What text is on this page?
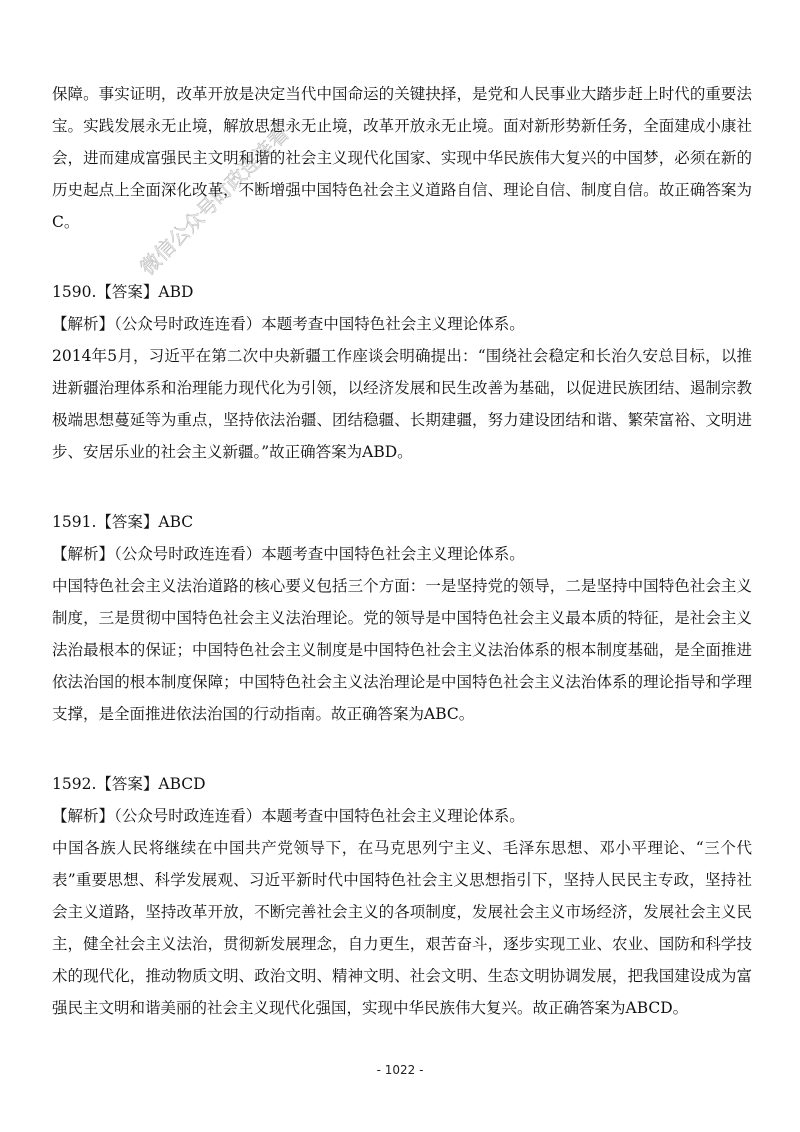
微信公众号时政连连看

保障。事实证明，改革开放是决定当代中国命运的关键抉择，是党和人民事业大踏步赶上时代的重要法宝。实践发展永无止境，解放思想永无止境，改革开放永无止境。面对新形势新任务，全面建成小康社会，进而建成富强民主文明和谐的社会主义现代化国家、实现中华民族伟大复兴的中国梦，必须在新的历史起点上全面深化改革，不断增强中国特色社会主义道路自信、理论自信、制度自信。故正确答案为C。

1590.【答案】ABD

【解析】（公众号时政连连看）本题考查中国特色社会主义理论体系。

2014年5月，习近平在第二次中央新疆工作座谈会明确提出：“围绕社会稳定和长治久安总目标，以推进新疆治理体系和治理能力现代化为引领，以经济发展和民生改善为基础，以促进民族团结、遏制宗教极端思想蔓延等为重点，坚持依法治疆、团结稳疆、长期建疆，努力建设团结和谐、繁荣富裕、文明进步、安居乐业的社会主义新疆。”故正确答案为ABD。

1591.【答案】ABC

【解析】（公众号时政连连看）本题考查中国特色社会主义理论体系。

中国特色社会主义法治道路的核心要义包括三个方面：一是坚持党的领导，二是坚持中国特色社会主义制度，三是贯彻中国特色社会主义法治理论。党的领导是中国特色社会主义最本质的特征，是社会主义法治最根本的保证；中国特色社会主义制度是中国特色社会主义法治体系的根本制度基础，是全面推进依法治国的根本制度保障；中国特色社会主义法治理论是中国特色社会主义法治体系的理论指导和学理支撑，是全面推进依法治国的行动指南。故正确答案为ABC。

1592.【答案】ABCD

【解析】（公众号时政连连看）本题考查中国特色社会主义理论体系。

中国各族人民将继续在中国共产党领导下，在马克思列宁主义、毛泽东思想、邓小平理论、“三个代表”重要思想、科学发展观、习近平新时代中国特色社会主义思想指引下，坚持人民民主专政，坚持社会主义道路，坚持改革开放，不断完善社会主义的各项制度，发展社会主义市场经济，发展社会主义民主，健全社会主义法治，贯彻新发展理念，自力更生，艰苦奋斗，逐步实现工业、农业、国防和科学技术的现代化，推动物质文明、政治文明、精神文明、社会文明、生态文明协调发展，把我国建设成为富强民主文明和谐美丽的社会主义现代化强国，实现中华民族伟大复兴。故正确答案为ABCD。

- 1022 -
